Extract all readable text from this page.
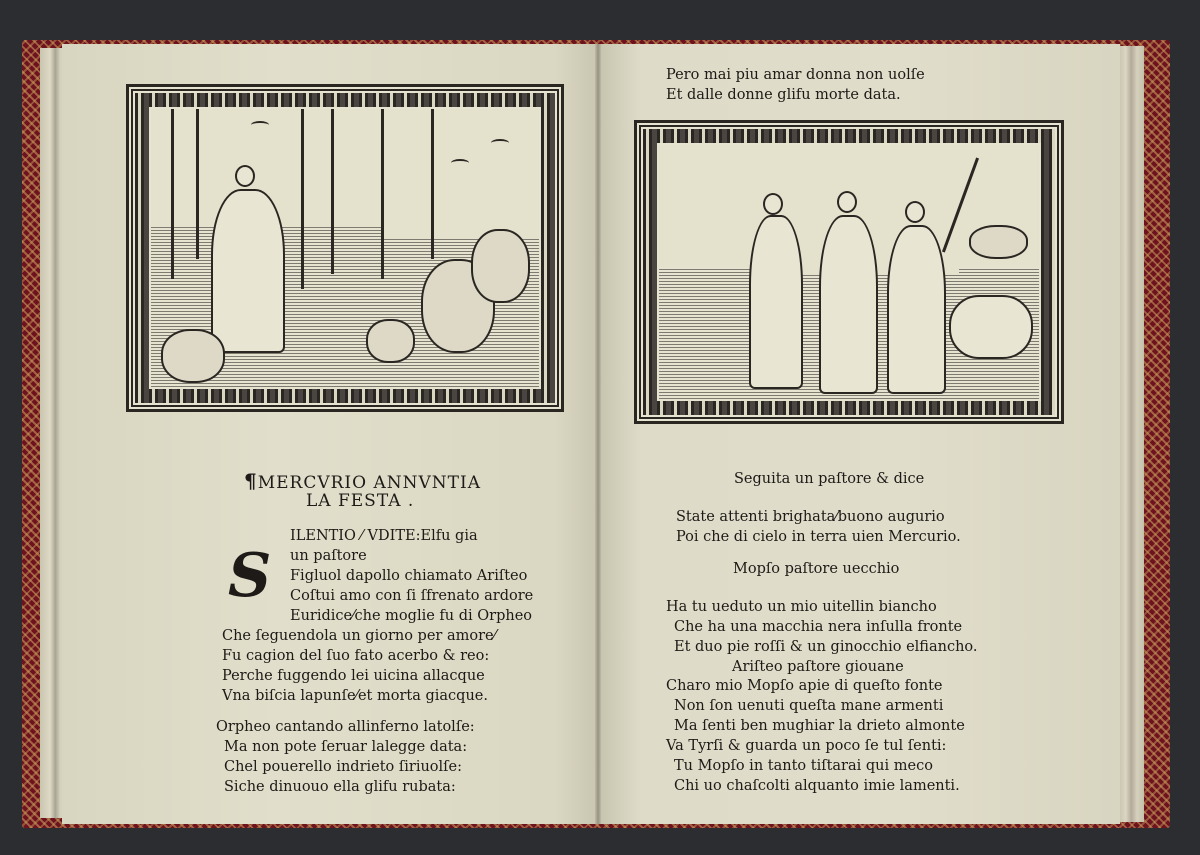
¶MERCVRIO ANNVNTIA
LA FESTA .
S
ILENTIO ⁄ VDITE:Elfu gia
un paſtore
Figluol dapollo chiamato Ariſteo
Coſtui amo con ſi ſfrenato ardore
Euridice⁄che moglie fu di Orpheo
Che ſeguendola un giorno per amore⁄
Fu cagion del ſuo fato acerbo & reo:
Perche fuggendo lei uicina allacque
Vna biſcia lapunſe⁄et morta giacque.
Orpheo cantando allinferno latolſe:
Ma non pote ſeruar lalegge data:
Chel pouerello indrieto ſiriuolſe:
Siche dinuouo ella glifu rubata:
Pero mai piu amar donna non uolſe
Et dalle donne glifu morte data.
Seguita un paſtore & dice
State attenti brighata⁄buono augurio
Poi che di cielo in terra uien Mercurio.
Mopſo paſtore uecchio
Ha tu ueduto un mio uitellin biancho
Che ha una macchia nera inſulla fronte
Et duo pie roſſi & un ginocchio elfiancho.
Ariſteo paſtore giouane
Charo mio Mopſo apie di queſto fonte
Non ſon uenuti queſta mane armenti
Ma ſenti ben mughiar la drieto almonte
Va Tyrſi & guarda un poco ſe tul ſenti:
Tu Mopſo in tanto tiſtarai qui meco
Chi uo chaſcolti alquanto imie lamenti.
